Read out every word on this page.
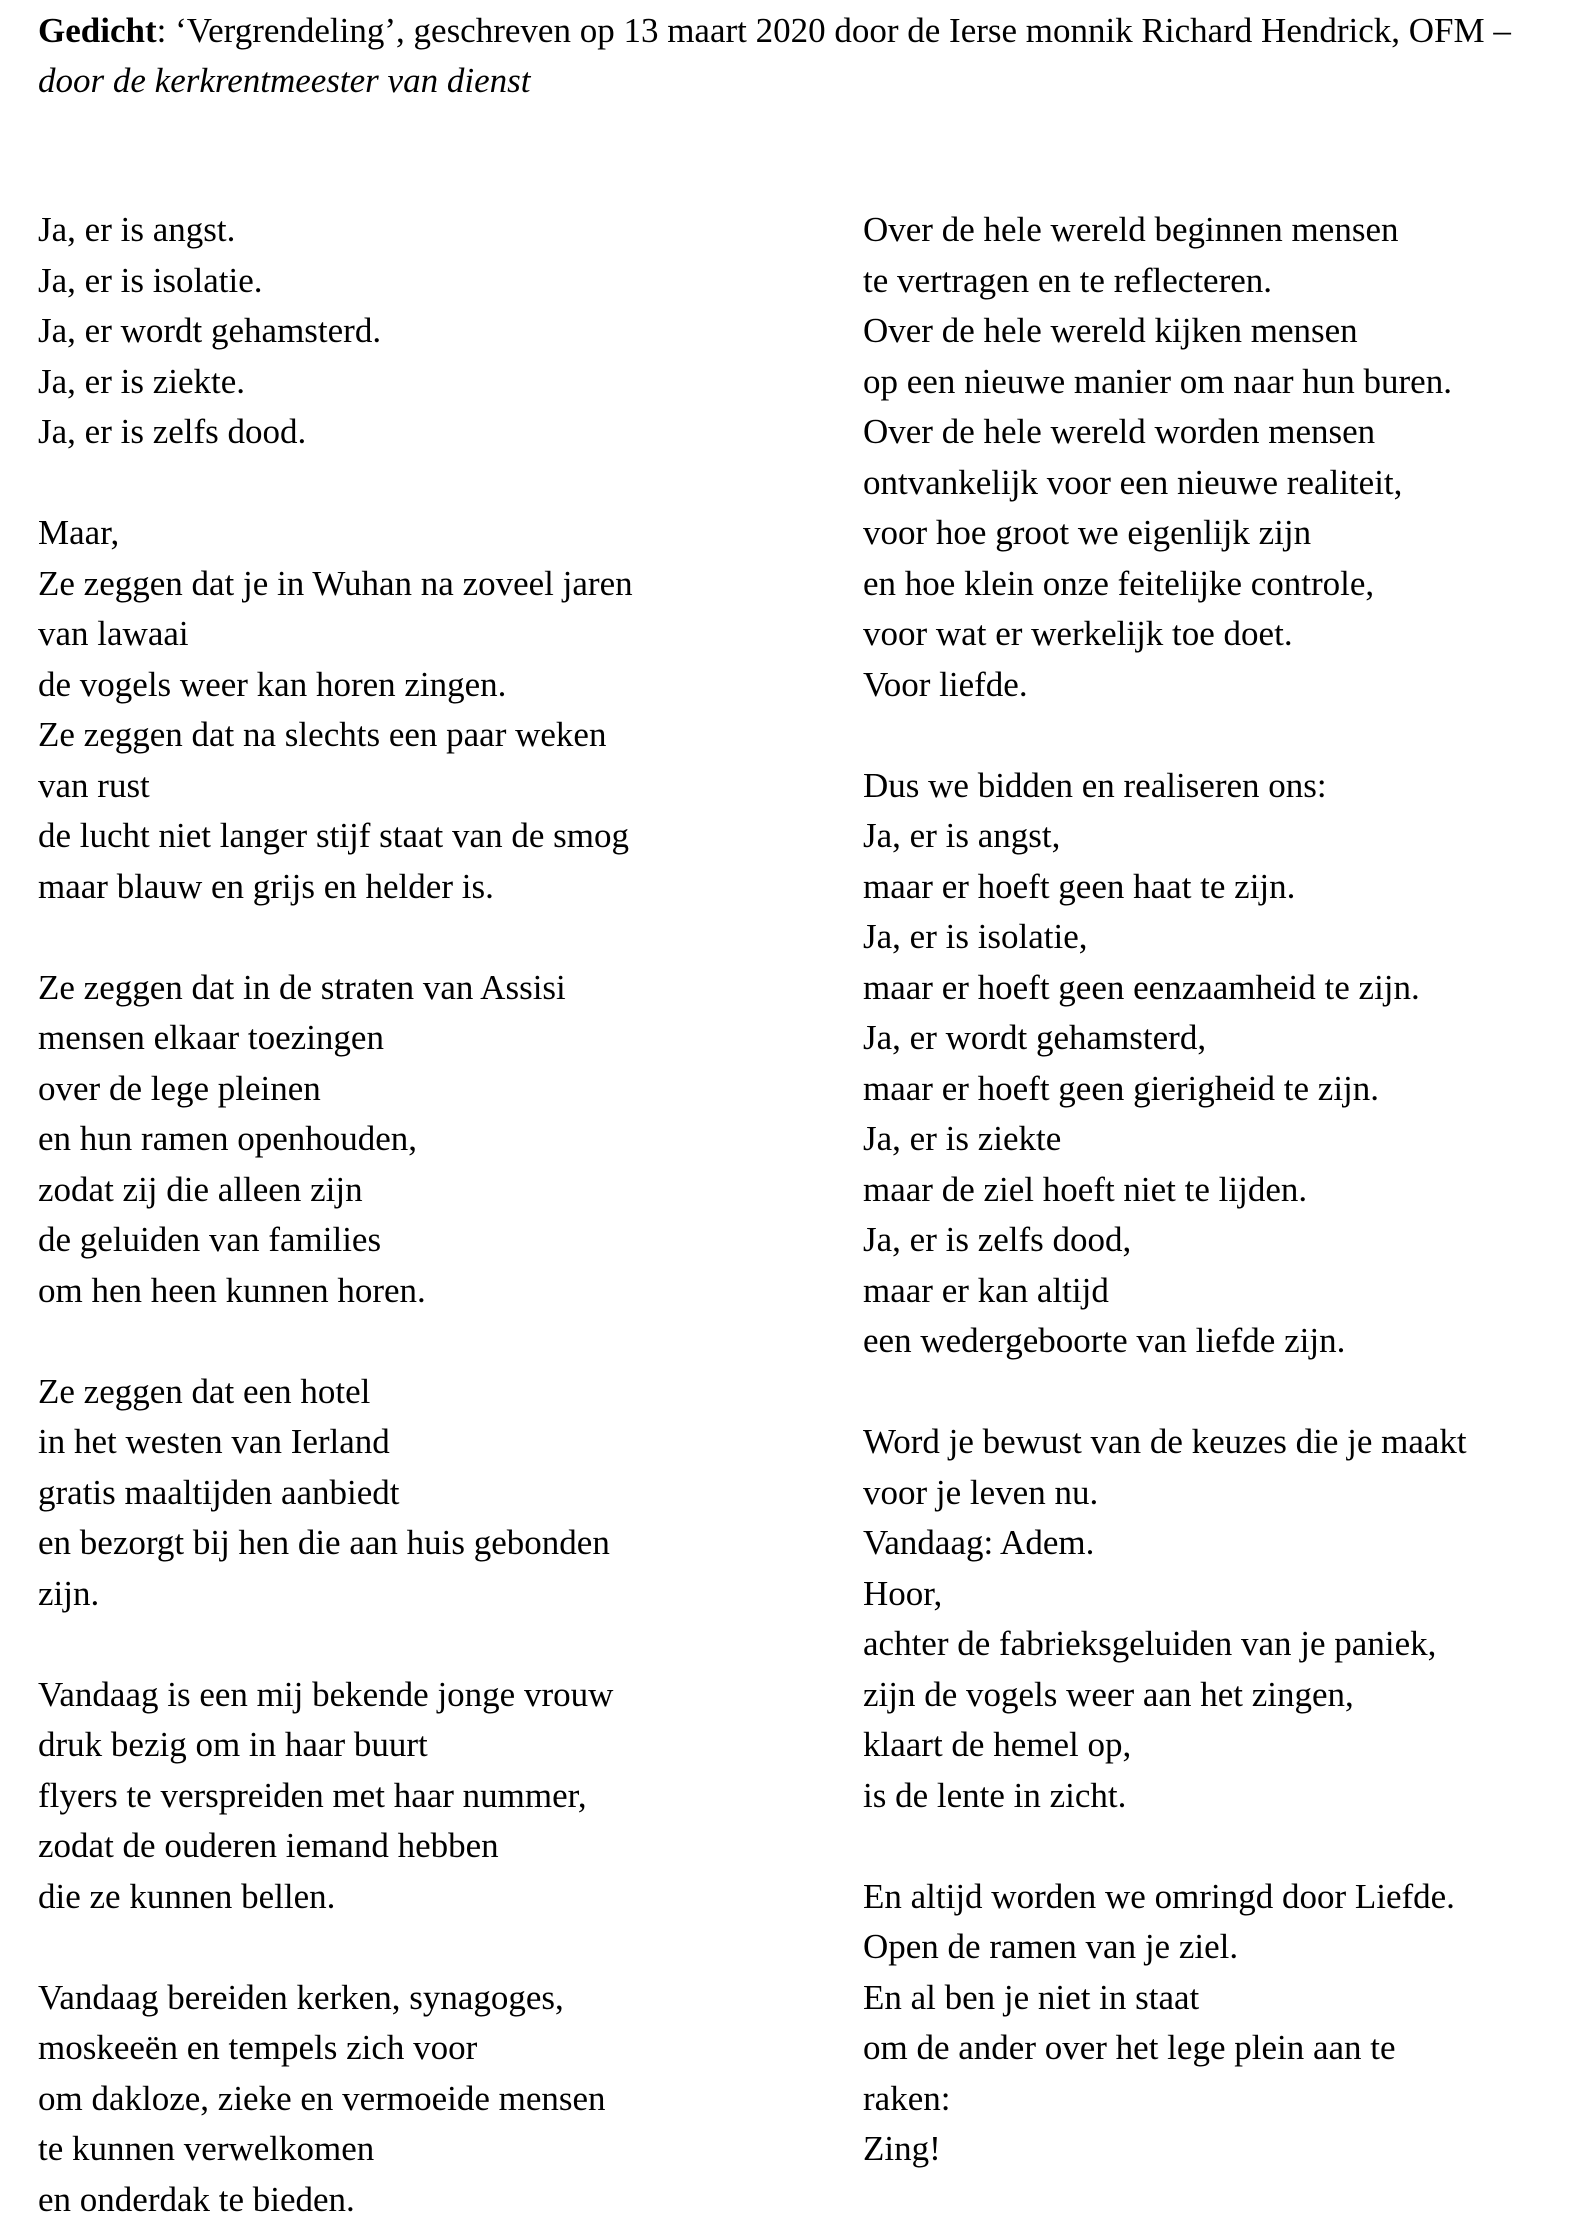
Gedicht: ‘Vergrendeling’, geschreven op 13 maart 2020 door de Ierse monnik Richard Hendrick, OFM – door de kerkrentmeester van dienst
Ja, er is angst.
Ja, er is isolatie.
Ja, er wordt gehamsterd.
Ja, er is ziekte.
Ja, er is zelfs dood.
Maar,
Ze zeggen dat je in Wuhan na zoveel jaren
van lawaai
de vogels weer kan horen zingen.
Ze zeggen dat na slechts een paar weken
van rust
de lucht niet langer stijf staat van de smog
maar blauw en grijs en helder is.
Ze zeggen dat in de straten van Assisi
mensen elkaar toezingen
over de lege pleinen
en hun ramen openhouden,
zodat zij die alleen zijn
de geluiden van families
om hen heen kunnen horen.
Ze zeggen dat een hotel
in het westen van Ierland
gratis maaltijden aanbiedt
en bezorgt bij hen die aan huis gebonden
zijn.
Vandaag is een mij bekende jonge vrouw
druk bezig om in haar buurt
flyers te verspreiden met haar nummer,
zodat de ouderen iemand hebben
die ze kunnen bellen.
Vandaag bereiden kerken, synagoges,
moskeeën en tempels zich voor
om dakloze, zieke en vermoeide mensen
te kunnen verwelkomen
en onderdak te bieden.
Over de hele wereld beginnen mensen
te vertragen en te reflecteren.
Over de hele wereld kijken mensen
op een nieuwe manier om naar hun buren.
Over de hele wereld worden mensen
ontvankelijk voor een nieuwe realiteit,
voor hoe groot we eigenlijk zijn
en hoe klein onze feitelijke controle,
voor wat er werkelijk toe doet.
Voor liefde.
Dus we bidden en realiseren ons:
Ja, er is angst,
maar er hoeft geen haat te zijn.
Ja, er is isolatie,
maar er hoeft geen eenzaamheid te zijn.
Ja, er wordt gehamsterd,
maar er hoeft geen gierigheid te zijn.
Ja, er is ziekte
maar de ziel hoeft niet te lijden.
Ja, er is zelfs dood,
maar er kan altijd
een wedergeboorte van liefde zijn.
Word je bewust van de keuzes die je maakt
voor je leven nu.
Vandaag: Adem.
Hoor,
achter de fabrieksgeluiden van je paniek,
zijn de vogels weer aan het zingen,
klaart de hemel op,
is de lente in zicht.
En altijd worden we omringd door Liefde.
Open de ramen van je ziel.
En al ben je niet in staat
om de ander over het lege plein aan te
raken:
Zing!
